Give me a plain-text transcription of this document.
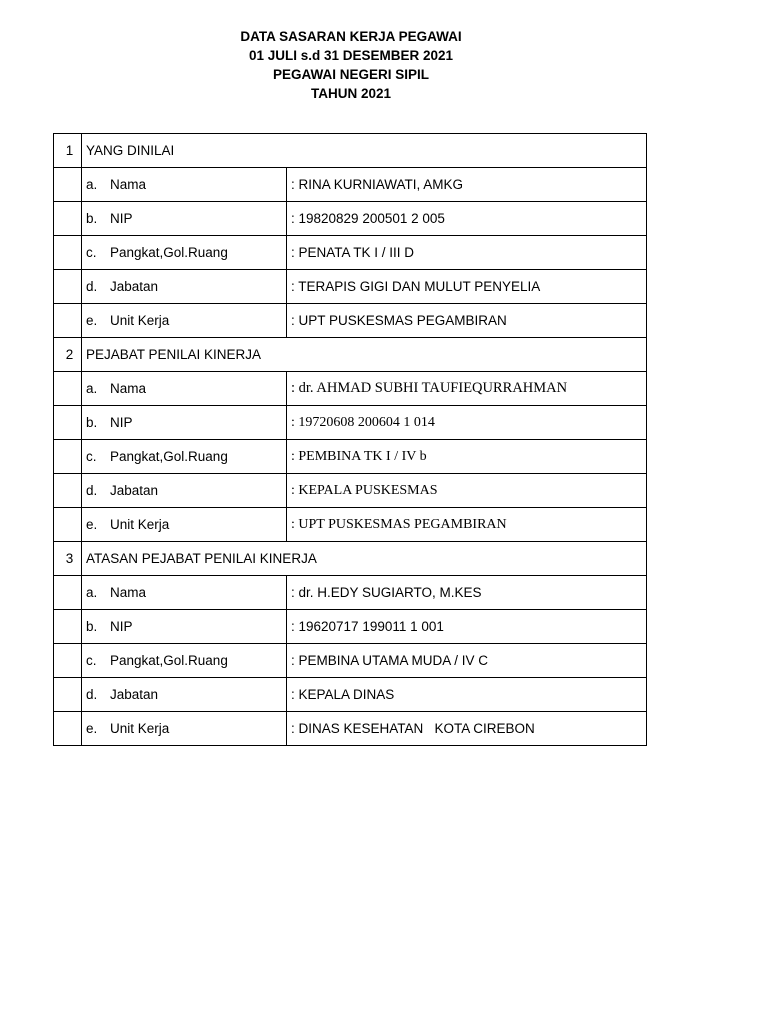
DATA SASARAN KERJA PEGAWAI
01 JULI s.d 31 DESEMBER 2021
PEGAWAI NEGERI SIPIL
TAHUN 2021
1	YANG DINILAI	
	a. Nama	: RINA KURNIAWATI, AMKG
	b. NIP	: 19820829 200501 2 005
	c. Pangkat,Gol.Ruang	: PENATA TK I / III D
	d. Jabatan	: TERAPIS GIGI DAN MULUT PENYELIA
	e. Unit Kerja	: UPT PUSKESMAS PEGAMBIRAN
2	PEJABAT PENILAI KINERJA	
	a. Nama	: dr. AHMAD SUBHI TAUFIEQURRAHMAN
	b. NIP	: 19720608 200604 1 014
	c. Pangkat,Gol.Ruang	: PEMBINA TK I / IV b
	d. Jabatan	: KEPALA PUSKESMAS
	e. Unit Kerja	: UPT PUSKESMAS PEGAMBIRAN
3	ATASAN PEJABAT PENILAI KINERJA	
	a. Nama	: dr. H.EDY SUGIARTO, M.KES
	b. NIP	: 19620717 199011 1 001
	c. Pangkat,Gol.Ruang	: PEMBINA UTAMA MUDA / IV C
	d. Jabatan	: KEPALA DINAS
	e. Unit Kerja	: DINAS KESEHATAN   KOTA CIREBON
